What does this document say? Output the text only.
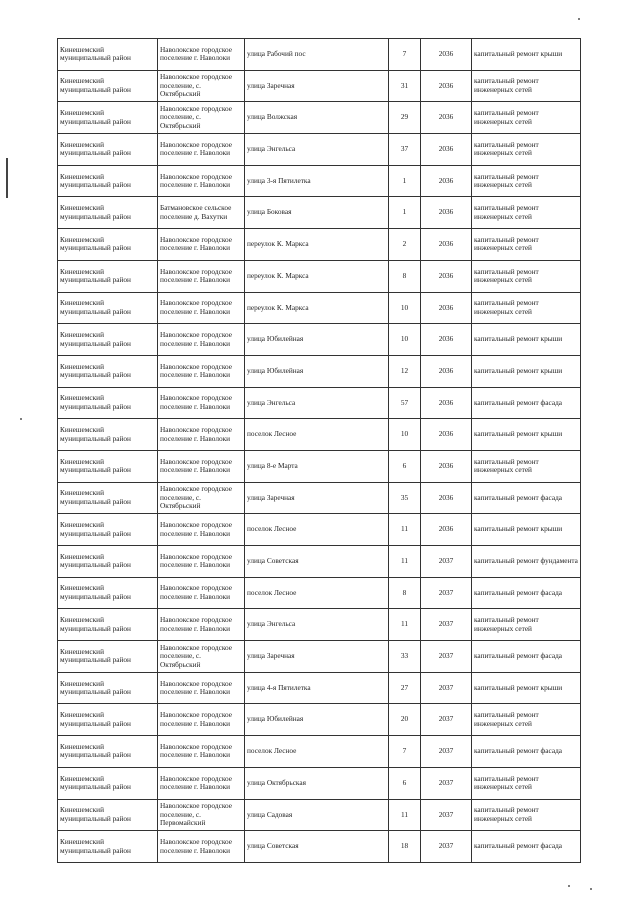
Кинешемский муниципальный район	Наволокское городское поселение г. Наволоки	улица Рабочий пос	7	2036	капитальный ремонт крыши
Кинешемский муниципальный район	Наволокское городское поселение, с. Октябрьский	улица Заречная	31	2036	капитальный ремонт инженерных сетей
Кинешемский муниципальный район	Наволокское городское поселение, с. Октябрьский	улица Волжская	29	2036	капитальный ремонт инженерных сетей
Кинешемский муниципальный район	Наволокское городское поселение г. Наволоки	улица Энгельса	37	2036	капитальный ремонт инженерных сетей
Кинешемский муниципальный район	Наволокское городское поселение г. Наволоки	улица 3-я Пятилетка	1	2036	капитальный ремонт инженерных сетей
Кинешемский муниципальный район	Батмановское сельское поселение д. Вахутки	улица Боковая	1	2036	капитальный ремонт инженерных сетей
Кинешемский муниципальный район	Наволокское городское поселение г. Наволоки	переулок К. Маркса	2	2036	капитальный ремонт инженерных сетей
Кинешемский муниципальный район	Наволокское городское поселение г. Наволоки	переулок К. Маркса	8	2036	капитальный ремонт инженерных сетей
Кинешемский муниципальный район	Наволокское городское поселение г. Наволоки	переулок К. Маркса	10	2036	капитальный ремонт инженерных сетей
Кинешемский муниципальный район	Наволокское городское поселение г. Наволоки	улица Юбилейная	10	2036	капитальный ремонт крыши
Кинешемский муниципальный район	Наволокское городское поселение г. Наволоки	улица Юбилейная	12	2036	капитальный ремонт крыши
Кинешемский муниципальный район	Наволокское городское поселение г. Наволоки	улица Энгельса	57	2036	капитальный ремонт фасада
Кинешемский муниципальный район	Наволокское городское поселение г. Наволоки	поселок Лесное	10	2036	капитальный ремонт крыши
Кинешемский муниципальный район	Наволокское городское поселение г. Наволоки	улица 8-е Марта	6	2036	капитальный ремонт инженерных сетей
Кинешемский муниципальный район	Наволокское городское поселение, с. Октябрьский	улица Заречная	35	2036	капитальный ремонт фасада
Кинешемский муниципальный район	Наволокское городское поселение г. Наволоки	поселок Лесное	11	2036	капитальный ремонт крыши
Кинешемский муниципальный район	Наволокское городское поселение г. Наволоки	улица Советская	11	2037	капитальный ремонт фундамента
Кинешемский муниципальный район	Наволокское городское поселение г. Наволоки	поселок Лесное	8	2037	капитальный ремонт фасада
Кинешемский муниципальный район	Наволокское городское поселение г. Наволоки	улица Энгельса	11	2037	капитальный ремонт инженерных сетей
Кинешемский муниципальный район	Наволокское городское поселение, с. Октябрьский	улица Заречная	33	2037	капитальный ремонт фасада
Кинешемский муниципальный район	Наволокское городское поселение г. Наволоки	улица 4-я Пятилетка	27	2037	капитальный ремонт крыши
Кинешемский муниципальный район	Наволокское городское поселение г. Наволоки	улица Юбилейная	20	2037	капитальный ремонт инженерных сетей
Кинешемский муниципальный район	Наволокское городское поселение г. Наволоки	поселок Лесное	7	2037	капитальный ремонт фасада
Кинешемский муниципальный район	Наволокское городское поселение г. Наволоки	улица Октябрьская	6	2037	капитальный ремонт инженерных сетей
Кинешемский муниципальный район	Наволокское городское поселение, с. Первомайский	улица Садовая	11	2037	капитальный ремонт инженерных сетей
Кинешемский муниципальный район	Наволокское городское поселение г. Наволоки	улица Советская	18	2037	капитальный ремонт фасада
